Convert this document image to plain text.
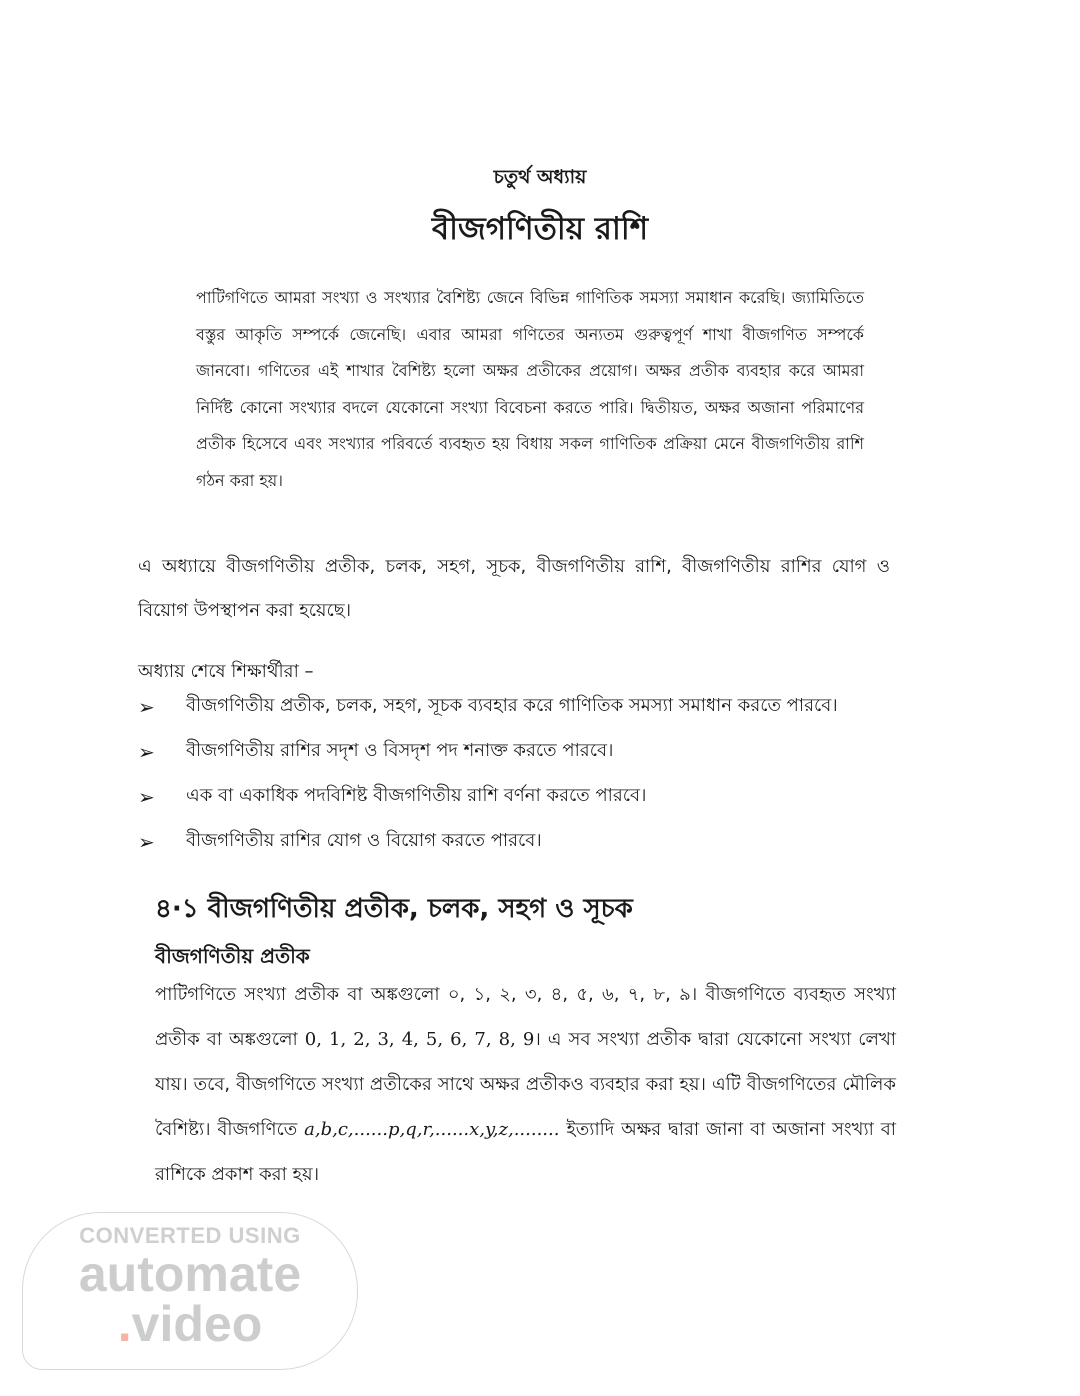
চতুর্থ অধ্যায়
বীজগণিতীয় রাশি

পাটিগণিতে আমরা সংখ্যা ও সংখ্যার বৈশিষ্ট্য জেনে বিভিন্ন গাণিতিক সমস্যা সমাধান করেছি। জ্যামিতিতে বস্তুর আকৃতি সম্পর্কে জেনেছি। এবার আমরা গণিতের অন্যতম গুরুত্বপূর্ণ শাখা বীজগণিত সম্পর্কে জানবো। গণিতের এই শাখার বৈশিষ্ট্য হলো অক্ষর প্রতীকের প্রয়োগ। অক্ষর প্রতীক ব্যবহার করে আমরা নির্দিষ্ট কোনো সংখ্যার বদলে যেকোনো সংখ্যা বিবেচনা করতে পারি। দ্বিতীয়ত, অক্ষর অজানা পরিমাণের প্রতীক হিসেবে এবং সংখ্যার পরিবর্তে ব্যবহৃত হয় বিধায় সকল গাণিতিক প্রক্রিয়া মেনে বীজগণিতীয় রাশি গঠন করা হয়।

এ অধ্যায়ে বীজগণিতীয় প্রতীক, চলক, সহগ, সূচক, বীজগণিতীয় রাশি, বীজগণিতীয় রাশির যোগ ও বিয়োগ উপস্থাপন করা হয়েছে।

অধ্যায় শেষে শিক্ষার্থীরা –
➢	বীজগণিতীয় প্রতীক, চলক, সহগ, সূচক ব্যবহার করে গাণিতিক সমস্যা সমাধান করতে পারবে।
➢	বীজগণিতীয় রাশির সদৃশ ও বিসদৃশ পদ শনাক্ত করতে পারবে।
➢	এক বা একাধিক পদবিশিষ্ট বীজগণিতীয় রাশি বর্ণনা করতে পারবে।
➢	বীজগণিতীয় রাশির যোগ ও বিয়োগ করতে পারবে।
৪·১ বীজগণিতীয় প্রতীক, চলক, সহগ ও সূচক
বীজগণিতীয় প্রতীক

পাটিগণিতে সংখ্যা প্রতীক বা অঙ্কগুলো ০, ১, ২, ৩, ৪, ৫, ৬, ৭, ৮, ৯। বীজগণিতে ব্যবহৃত সংখ্যা প্রতীক বা অঙ্কগুলো 0, 1, 2, 3, 4, 5, 6, 7, 8, 9। এ সব সংখ্যা প্রতীক দ্বারা যেকোনো সংখ্যা লেখা যায়। তবে, বীজগণিতে সংখ্যা প্রতীকের সাথে অক্ষর প্রতীকও ব্যবহার করা হয়। এটি বীজগণিতের মৌলিক বৈশিষ্ট্য। বীজগণিতে a,b,c,......p,q,r,......x,y,z,........ ইত্যাদি অক্ষর দ্বারা জানা বা অজানা সংখ্যা বা রাশিকে প্রকাশ করা হয়।

CONVERTED USING
automate
.video
